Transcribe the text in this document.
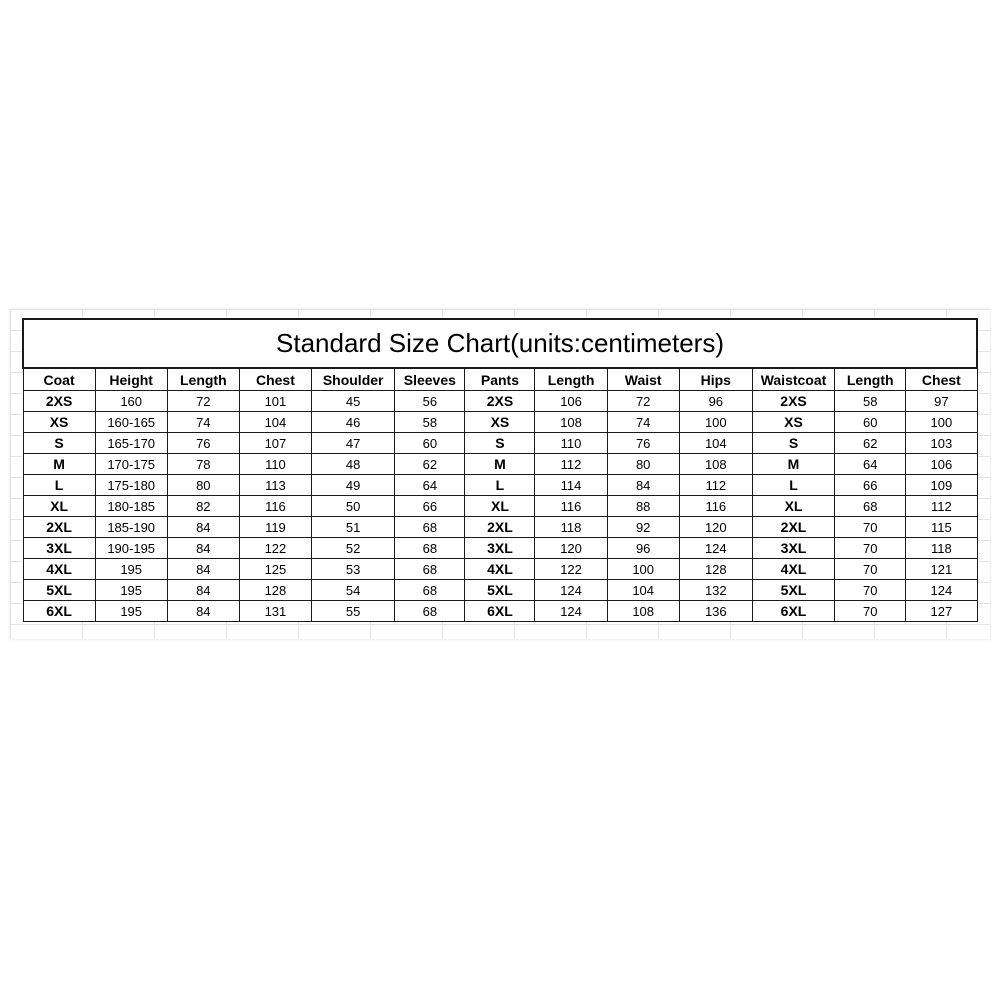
Standard Size Chart(units:centimeters)												
Coat	Height	Length	Chest	Shoulder	Sleeves	Pants	Length	Waist	Hips	Waistcoat	Length	Chest
2XS	160	72	101	45	56	2XS	106	72	96	2XS	58	97
XS	160-165	74	104	46	58	XS	108	74	100	XS	60	100
S	165-170	76	107	47	60	S	110	76	104	S	62	103
M	170-175	78	110	48	62	M	112	80	108	M	64	106
L	175-180	80	113	49	64	L	114	84	112	L	66	109
XL	180-185	82	116	50	66	XL	116	88	116	XL	68	112
2XL	185-190	84	119	51	68	2XL	118	92	120	2XL	70	115
3XL	190-195	84	122	52	68	3XL	120	96	124	3XL	70	118
4XL	195	84	125	53	68	4XL	122	100	128	4XL	70	121
5XL	195	84	128	54	68	5XL	124	104	132	5XL	70	124
6XL	195	84	131	55	68	6XL	124	108	136	6XL	70	127
